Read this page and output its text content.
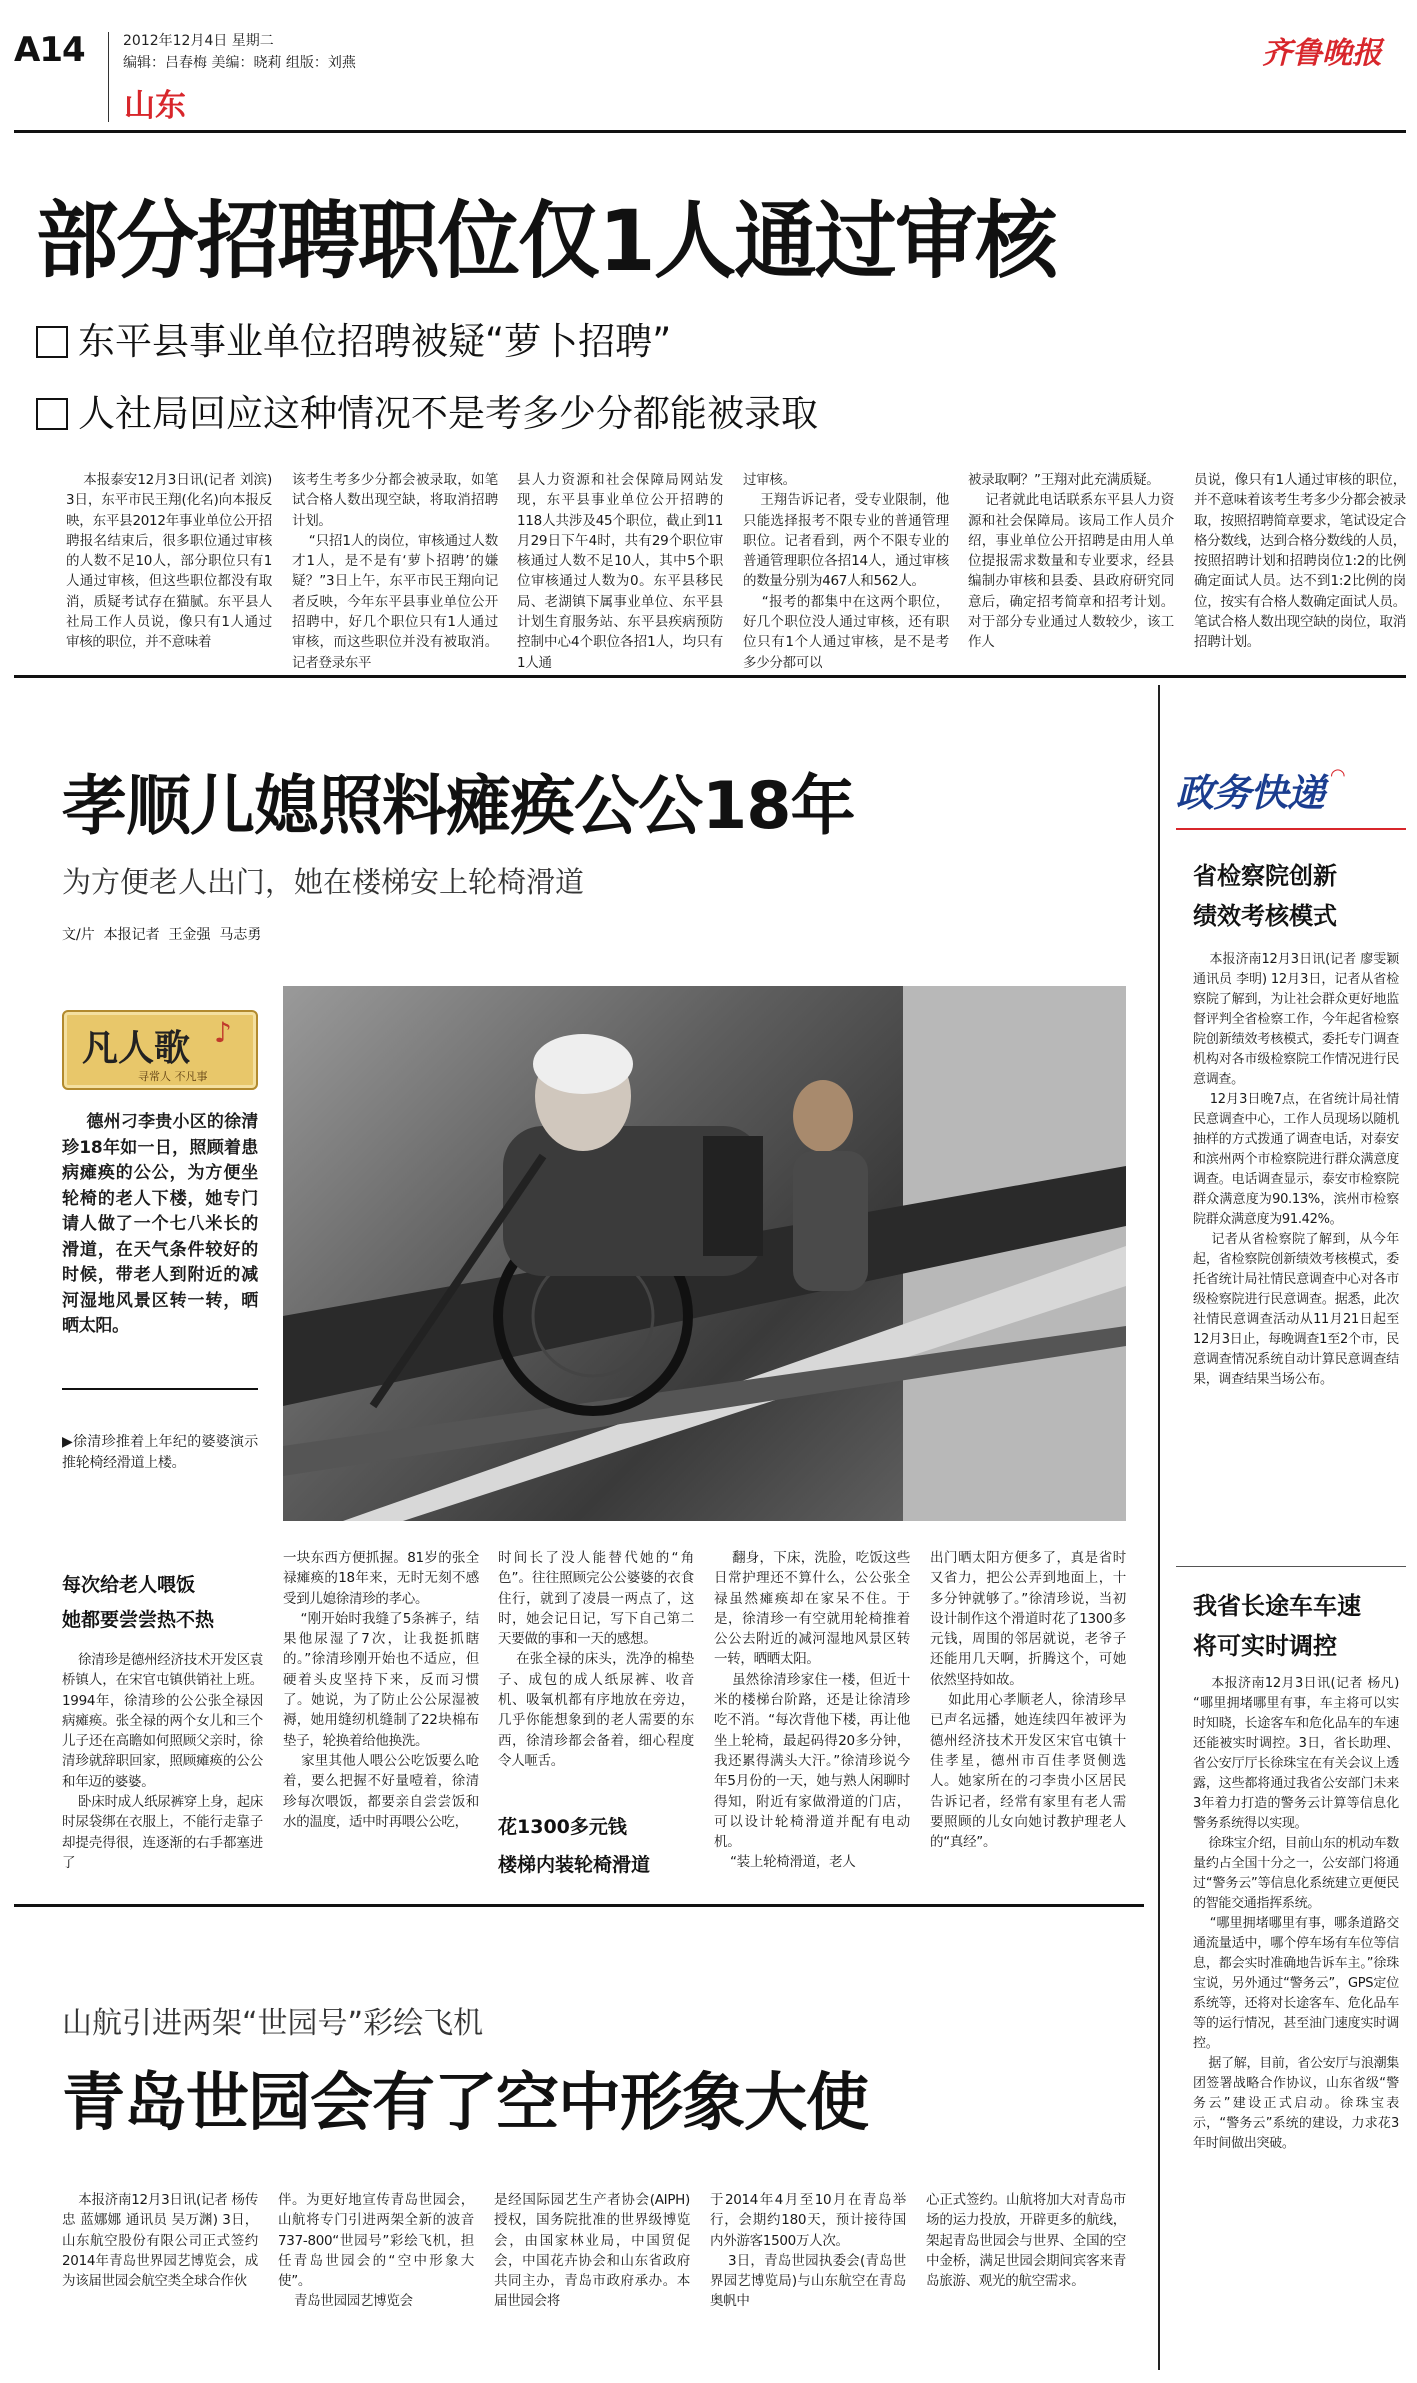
A14	2012年12月4日 星期二
编辑：吕春梅 美编：晓莉 组版：刘燕
山东
齐鲁晚报
部分招聘职位仅1人通过审核
东平县事业单位招聘被疑“萝卜招聘”
人社局回应这种情况不是考多少分都能被录取
本报泰安12月3日讯(记者 刘滨) 3日，东平市民王翔(化名)向本报反映，东平县2012年事业单位公开招聘报名结束后，很多职位通过审核的人数不足10人，部分职位只有1人通过审核，但这些职位都没有取消，质疑考试存在猫腻。东平县人社局工作人员说，像只有1人通过审核的职位，并不意味着
该考生考多少分都会被录取，如笔试合格人数出现空缺，将取消招聘计划。
“只招1人的岗位，审核通过人数才1人，是不是有‘萝卜招聘’的嫌疑？”3日上午，东平市民王翔向记者反映，今年东平县事业单位公开招聘中，好几个职位只有1人通过审核，而这些职位并没有被取消。记者登录东平
县人力资源和社会保障局网站发现，东平县事业单位公开招聘的118人共涉及45个职位，截止到11月29日下午4时，共有29个职位审核通过人数不足10人，其中5个职位审核通过人数为0。东平县移民局、老湖镇下属事业单位、东平县计划生育服务站、东平县疾病预防控制中心4个职位各招1人，均只有1人通
过审核。
王翔告诉记者，受专业限制，他只能选择报考不限专业的普通管理职位。记者看到，两个不限专业的普通管理职位各招14人，通过审核的数量分别为467人和562人。
“报考的都集中在这两个职位，好几个职位没人通过审核，还有职位只有1个人通过审核，是不是考多少分都可以
被录取啊？”王翔对此充满质疑。
记者就此电话联系东平县人力资源和社会保障局。该局工作人员介绍，事业单位公开招聘是由用人单位提报需求数量和专业要求，经县编制办审核和县委、县政府研究同意后，确定招考简章和招考计划。对于部分专业通过人数较少，该工作人
员说，像只有1人通过审核的职位，并不意味着该考生考多少分都会被录取，按照招聘简章要求，笔试设定合格分数线，达到合格分数线的人员，按照招聘计划和招聘岗位1:2的比例确定面试人员。达不到1:2比例的岗位，按实有合格人数确定面试人员。笔试合格人数出现空缺的岗位，取消招聘计划。
孝顺儿媳照料瘫痪公公18年
为方便老人出门，她在楼梯安上轮椅滑道
文/片  本报记者  王金强  马志勇
凡人歌 ♪
寻常人 不凡事
德州刁李贵小区的徐清珍18年如一日，照顾着患病瘫痪的公公，为方便坐轮椅的老人下楼，她专门请人做了一个七八米长的滑道，在天气条件较好的时候，带老人到附近的减河湿地风景区转一转，晒晒太阳。
▶徐清珍推着上年纪的婆婆演示推轮椅经滑道上楼。
每次给老人喂饭
她都要尝尝热不热
徐清珍是德州经济技术开发区袁桥镇人，在宋官屯镇供销社上班。1994年，徐清珍的公公张全禄因病瘫痪。张全禄的两个女儿和三个儿子还在高瞻如何照顾父亲时，徐清珍就辞职回家，照顾瘫痪的公公和年迈的婆婆。
卧床时成人纸尿裤穿上身，起床时尿袋绑在衣服上，不能行走靠子却提壳得很，连逐渐的右手都塞进了
一块东西方便抓握。81岁的张全禄瘫痪的18年来，无时无刻不感受到儿媳徐清珍的孝心。
“刚开始时我缝了5条裤子，结果他尿湿了7次，让我挺抓瞎的。”徐清珍刚开始也不适应，但硬着头皮坚持下来，反而习惯了。她说，为了防止公公尿湿被褥，她用缝纫机缝制了22块棉布垫子，轮换着给他换洗。
家里其他人喂公公吃饭要么呛着，要么把握不好量噎着，徐清珍每次喂饭，都要亲自尝尝饭和水的温度，适中时再喂公公吃，
时间长了没人能替代她的“角色”。往往照顾完公公婆婆的衣食住行，就到了凌晨一两点了，这时，她会记日记，写下自己第二天要做的事和一天的感想。
在张全禄的床头，洗净的棉垫子、成包的成人纸尿裤、收音机、吸氧机都有序地放在旁边，几乎你能想象到的老人需要的东西，徐清珍都会备着，细心程度令人咂舌。
花1300多元钱
楼梯内装轮椅滑道
翻身，下床，洗脸，吃饭这些日常护理还不算什么，公公张全禄虽然瘫痪却在家呆不住。于是，徐清珍一有空就用轮椅推着公公去附近的减河湿地风景区转一转，晒晒太阳。
虽然徐清珍家住一楼，但近十米的楼梯台阶路，还是让徐清珍吃不消。“每次背他下楼，再让他坐上轮椅，最起码得20多分钟，我还累得满头大汗。”徐清珍说今年5月份的一天，她与熟人闲聊时得知，附近有家做滑道的门店，可以设计轮椅滑道并配有电动机。
“装上轮椅滑道，老人
出门晒太阳方便多了，真是省时又省力，把公公弄到地面上，十多分钟就够了。”徐清珍说，当初设计制作这个滑道时花了1300多元钱，周围的邻居就说，老爷子还能用几天啊，折腾这个，可她依然坚持如故。
如此用心孝顺老人，徐清珍早已声名远播，她连续四年被评为德州经济技术开发区宋官屯镇十佳孝星，德州市百佳孝贤侧选人。她家所在的刁李贵小区居民告诉记者，经常有家里有老人需要照顾的儿女向她讨教护理老人的“真经”。
政务快递 ◠
省检察院创新
绩效考核模式
本报济南12月3日讯(记者 廖雯颖 通讯员 李明) 12月3日，记者从省检察院了解到，为让社会群众更好地监督评判全省检察工作，今年起省检察院创新绩效考核模式，委托专门调查机构对各市级检察院工作情况进行民意调查。
12月3日晚7点，在省统计局社情民意调查中心，工作人员现场以随机抽样的方式拨通了调查电话，对泰安和滨州两个市检察院进行群众满意度调查。电话调查显示，泰安市检察院群众满意度为90.13%，滨州市检察院群众满意度为91.42%。
记者从省检察院了解到，从今年起，省检察院创新绩效考核模式，委托省统计局社情民意调查中心对各市级检察院进行民意调查。据悉，此次社情民意调查活动从11月21日起至12月3日止，每晚调查1至2个市，民意调查情况系统自动计算民意调查结果，调查结果当场公布。
我省长途车车速
将可实时调控
本报济南12月3日讯(记者 杨凡) “哪里拥堵哪里有事，车主将可以实时知晓，长途客车和危化品车的车速还能被实时调控。3日，省长助理、省公安厅厅长徐珠宝在有关会议上透露，这些都将通过我省公安部门未来3年着力打造的警务云计算等信息化警务系统得以实现。
徐珠宝介绍，目前山东的机动车数量约占全国十分之一，公安部门将通过“警务云”等信息化系统建立更便民的智能交通指挥系统。
“哪里拥堵哪里有事，哪条道路交通流量适中，哪个停车场有车位等信息，都会实时准确地告诉车主。”徐珠宝说，另外通过“警务云”，GPS定位系统等，还将对长途客车、危化品车等的运行情况，甚至油门速度实时调控。
据了解，目前，省公安厅与浪潮集团签署战略合作协议，山东省级“警务云”建设正式启动。徐珠宝表示，“警务云”系统的建设，力求花3年时间做出突破。
山航引进两架“世园号”彩绘飞机
青岛世园会有了空中形象大使
本报济南12月3日讯(记者 杨传忠 蓝娜娜 通讯员 吴万渊) 3日，山东航空股份有限公司正式签约2014年青岛世界园艺博览会，成为该届世园会航空类全球合作伙
伴。为更好地宣传青岛世园会，山航将专门引进两架全新的波音737-800“世园号”彩绘飞机，担任青岛世园会的“空中形象大使”。
青岛世园园艺博览会
是经国际园艺生产者协会(AIPH)授权，国务院批准的世界级博览会，由国家林业局，中国贸促会，中国花卉协会和山东省政府共同主办，青岛市政府承办。本届世园会将
于2014年4月至10月在青岛举行，会期约180天，预计接待国内外游客1500万人次。
3日，青岛世园执委会(青岛世界园艺博览局)与山东航空在青岛奥帆中
心正式签约。山航将加大对青岛市场的运力投放，开辟更多的航线，架起青岛世园会与世界、全国的空中金桥，满足世园会期间宾客来青岛旅游、观光的航空需求。
